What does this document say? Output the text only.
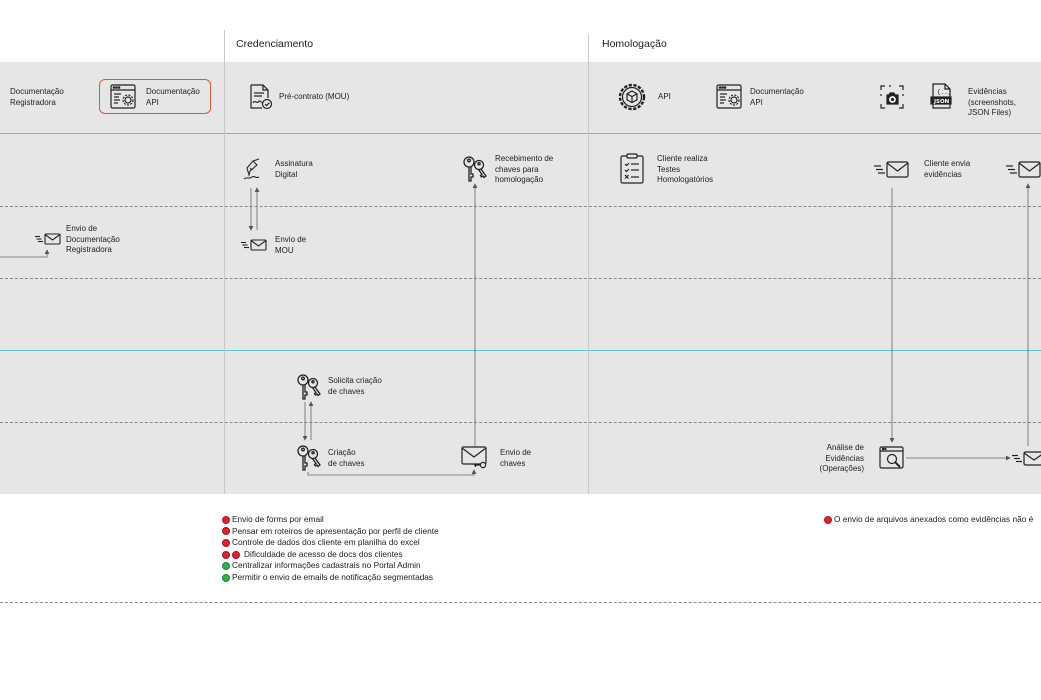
Credenciamento	Homologação
Documentação
Registradora
Documentação
API
Pré-contrato (MOU)	API
Documentação
API
{..}
JSON
Evidências
(screenshots,
JSON Files)
Assinatura
Digital
Recebimento de
chaves para
homologação
Cliente realiza
Testes
Homologatórios
Cliente envia
evidências
Envio de
Documentação
Registradora
Envio de
MOU
Solicita criação
de chaves
Criação
de chaves
Envio de
chaves
Análise de
Evidências
(Operações)
Envio de forms por email
Pensar em roteiros de apresentação por perfil de cliente
Controle de dados dos cliente em planilha do excel
Dificuldade de acesso de docs dos clientes
Centralizar informações cadastrais no Portal Admin
Permitir o envio de emails de notificação segmentadas
O envio de arquivos anexados como evidências não é
